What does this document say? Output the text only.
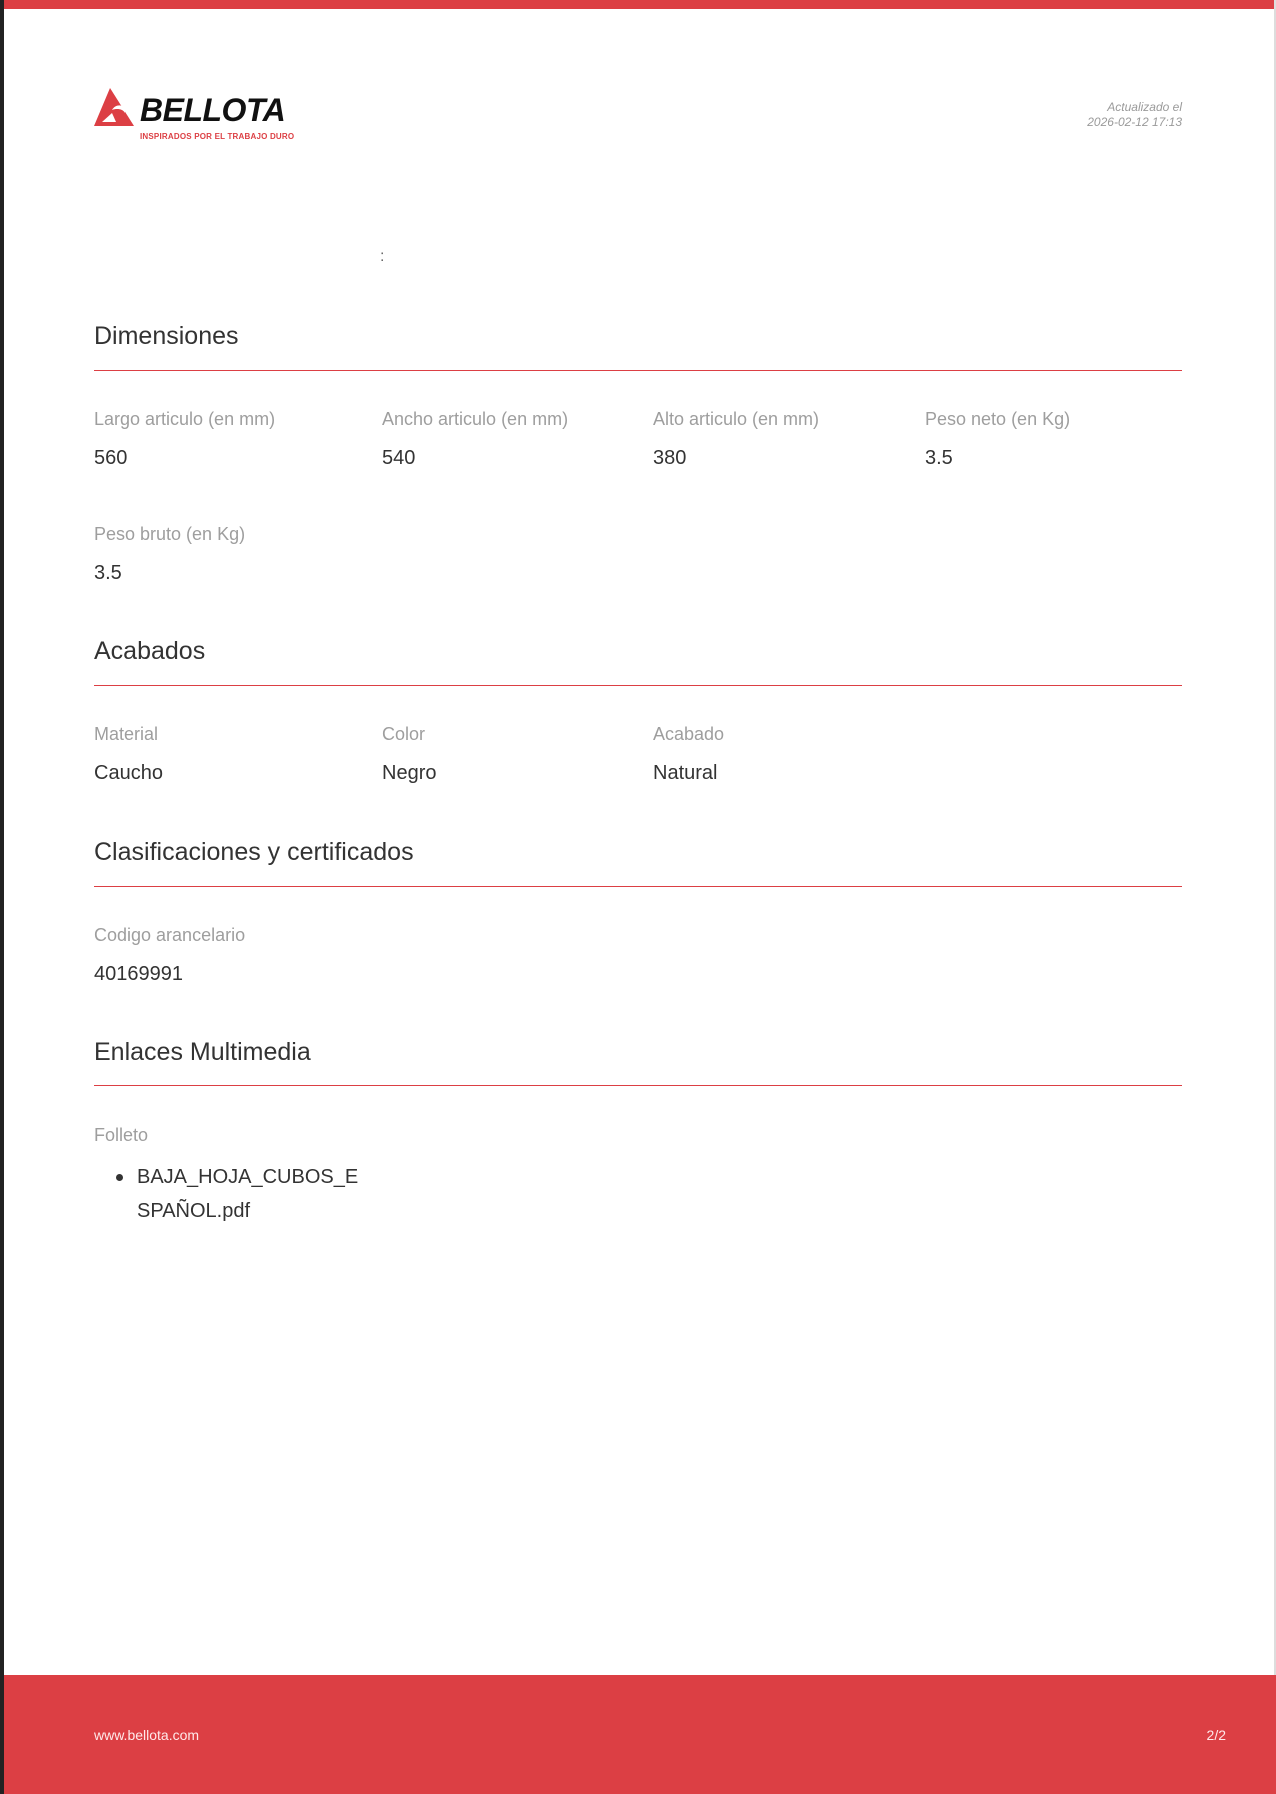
BELLOTA
INSPIRADOS POR EL TRABAJO DURO
Actualizado el
2026-02-12 17:13
:
Dimensiones
Largo articulo (en mm)
560
Ancho articulo (en mm)
540
Alto articulo (en mm)
380
Peso neto (en Kg)
3.5
Peso bruto (en Kg)
3.5
Acabados
Material
Caucho
Color
Negro
Acabado
Natural
Clasificaciones y certificados
Codigo arancelario
40169991
Enlaces Multimedia
Folleto
BAJA_HOJA_CUBOS_ESPAÑOL.pdf
www.bellota.com	2/2
